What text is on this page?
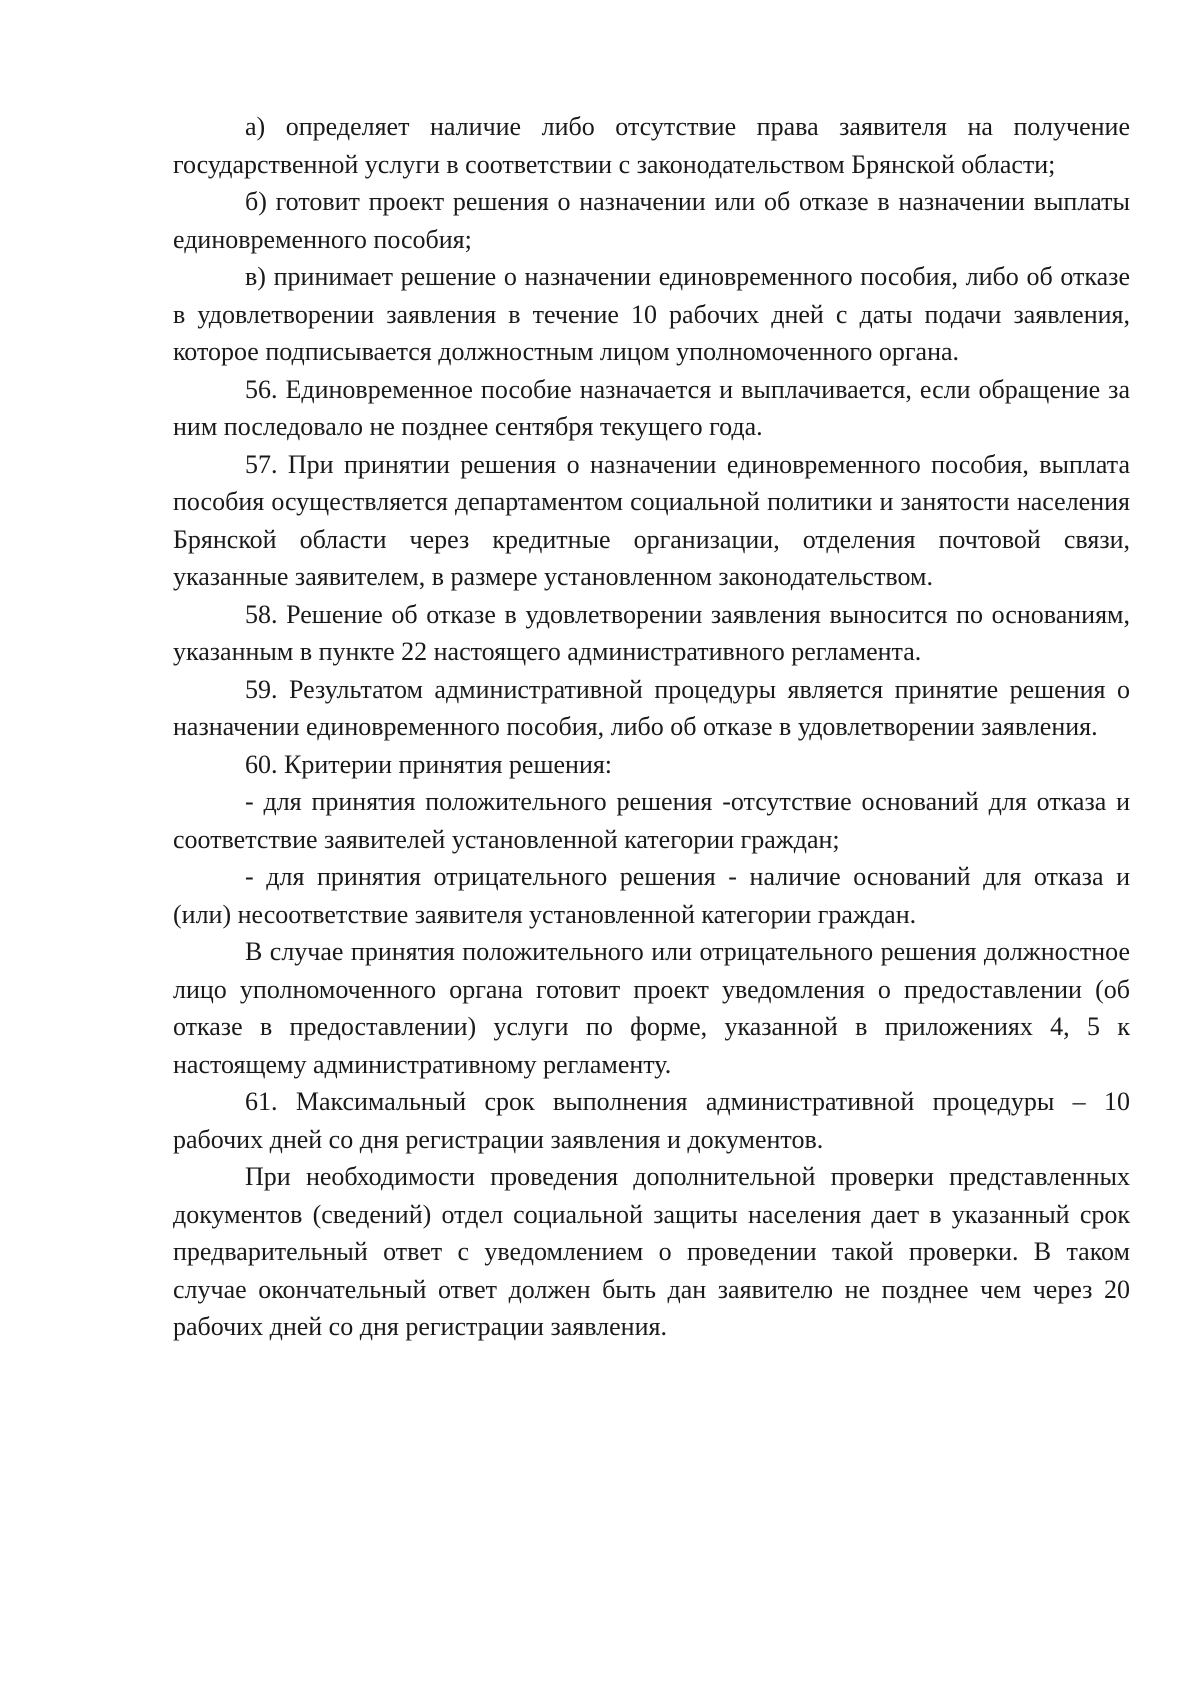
а) определяет наличие либо отсутствие права заявителя на получение государственной услуги в соответствии с законодательством Брянской области;

б) готовит проект решения о назначении или об отказе в назначении выплаты единовременного пособия;

в) принимает решение о назначении единовременного пособия, либо об отказе в удовлетворении заявления в течение 10 рабочих дней с даты подачи заявления, которое подписывается должностным лицом уполномоченного органа.

56. Единовременное пособие назначается и выплачивается, если обращение за ним последовало не позднее сентября текущего года.

57. При принятии решения о назначении единовременного пособия, выплата пособия осуществляется департаментом социальной политики и занятости населения Брянской области через кредитные организации, отделения почтовой связи, указанные заявителем, в размере установленном законодательством.

58. Решение об отказе в удовлетворении заявления выносится по основаниям, указанным в пункте 22 настоящего административного регламента.

59. Результатом административной процедуры является принятие решения о назначении единовременного пособия, либо об отказе в удовлетворении заявления.

60. Критерии принятия решения:

- для принятия положительного решения -отсутствие оснований для отказа и соответствие заявителей установленной категории граждан;

- для принятия отрицательного решения - наличие оснований для отказа и (или) несоответствие заявителя установленной категории граждан.

В случае принятия положительного или отрицательного решения должностное лицо уполномоченного органа готовит проект уведомления о предоставлении (об отказе в предоставлении) услуги по форме, указанной в приложениях 4, 5 к настоящему административному регламенту.

61. Максимальный срок выполнения административной процедуры – 10 рабочих дней со дня регистрации заявления и документов.

При необходимости проведения дополнительной проверки представленных документов (сведений) отдел социальной защиты населения дает в указанный срок предварительный ответ с уведомлением о проведении такой проверки. В таком случае окончательный ответ должен быть дан заявителю не позднее чем через 20 рабочих дней со дня регистрации заявления.
